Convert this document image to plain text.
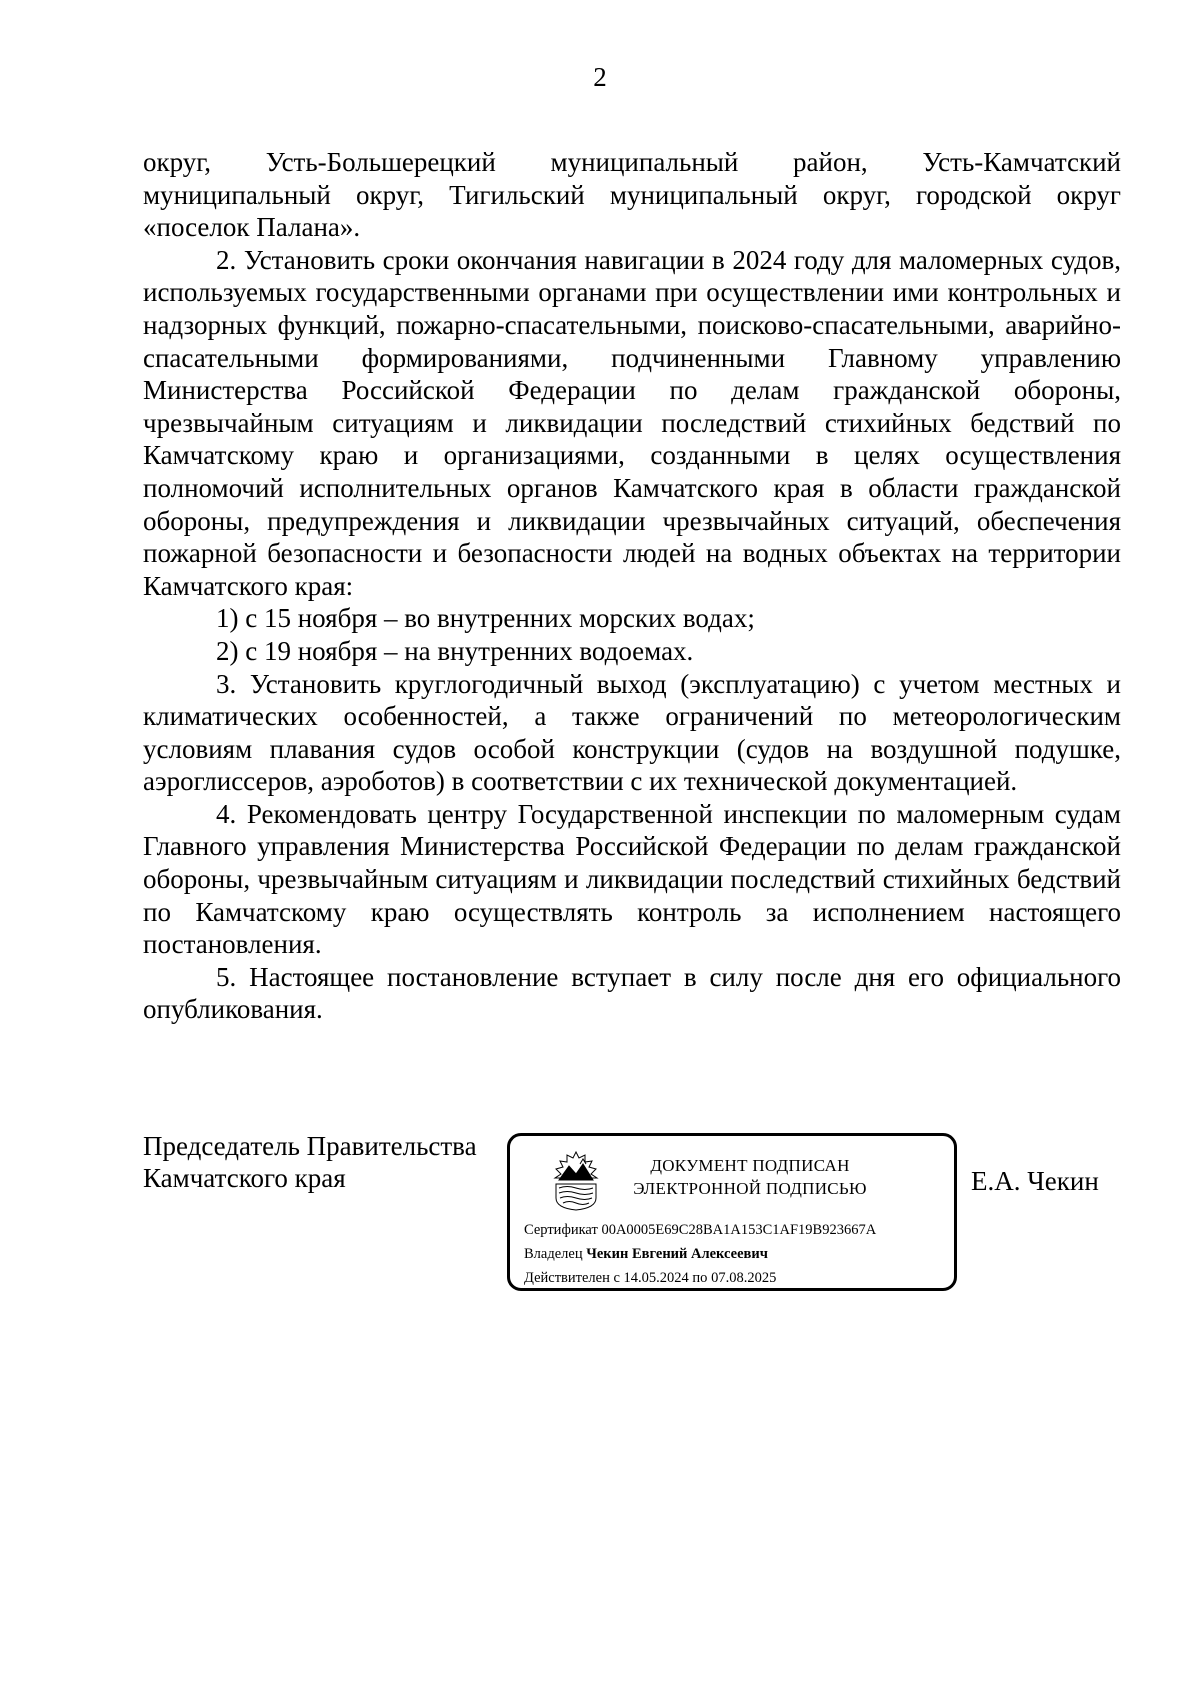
2

округ, Усть-Большерецкий муниципальный район, Усть-Камчатский муниципальный округ, Тигильский муниципальный округ, городской округ «поселок Палана».

2. Установить сроки окончания навигации в 2024 году для маломерных судов, используемых государственными органами при осуществлении ими контрольных и надзорных функций, пожарно-спасательными, поисково-спасательными, аварийно-спасательными формированиями, подчиненными Главному управлению Министерства Российской Федерации по делам гражданской обороны, чрезвычайным ситуациям и ликвидации последствий стихийных бедствий по Камчатскому краю и организациями, созданными в целях осуществления полномочий исполнительных органов Камчатского края в области гражданской обороны, предупреждения и ликвидации чрезвычайных ситуаций, обеспечения пожарной безопасности и безопасности людей на водных объектах на территории Камчатского края:

1) с 15 ноября – во внутренних морских водах;

2) с 19 ноября – на внутренних водоемах.

3. Установить круглогодичный выход (эксплуатацию) с учетом местных и климатических особенностей, а также ограничений по метеорологическим условиям плавания судов особой конструкции (судов на воздушной подушке, аэроглиссеров, аэроботов) в соответствии с их технической документацией.

4. Рекомендовать центру Государственной инспекции по маломерным судам Главного управления Министерства Российской Федерации по делам гражданской обороны, чрезвычайным ситуациям и ликвидации последствий стихийных бедствий по Камчатскому краю осуществлять контроль за исполнением настоящего постановления.

5. Настоящее постановление вступает в силу после дня его официального опубликования.

Председатель Правительства
Камчатского края	ДОКУМЕНТ ПОДПИСАН
ЭЛЕКТРОННОЙ ПОДПИСЬЮ
Сертификат 00A0005E69C28BA1A153C1AF19B923667A
Владелец Чекин Евгений Алексеевич
Действителен с 14.05.2024 по 07.08.2025
Е.А. Чекин
